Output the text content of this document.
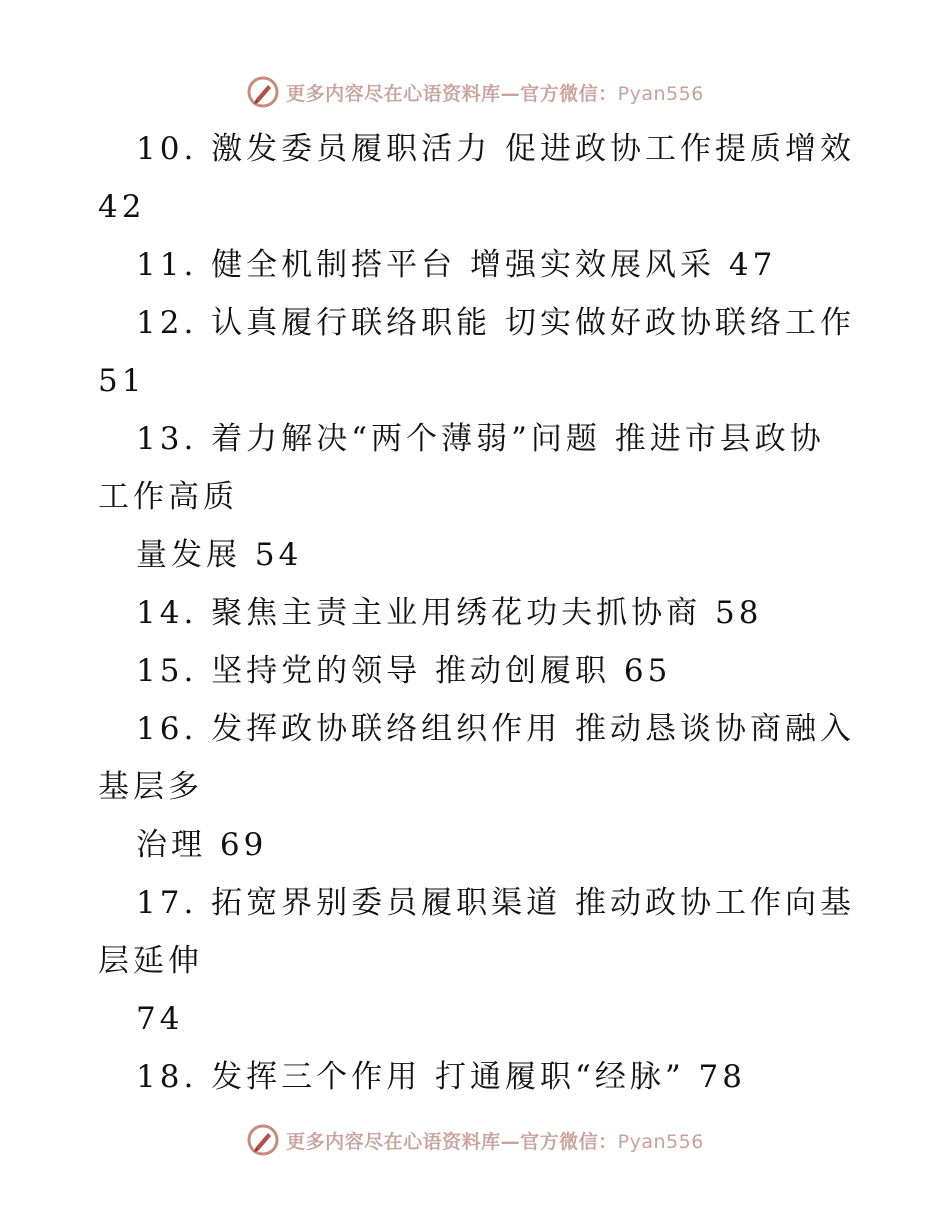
更多内容尽在心语资料库—官方微信：Pyan556
10. 激发委员履职活力 促进政协工作提质增效
42
11. 健全机制搭平台 增强实效展风采 47
12. 认真履行联络职能 切实做好政协联络工作
51
13. 着力解决“两个薄弱”问题 推进市县政协
工作高质
量发展 54
14. 聚焦主责主业用绣花功夫抓协商 58
15. 坚持党的领导 推动创履职 65
16. 发挥政协联络组织作用 推动恳谈协商融入
基层多
治理 69
17. 拓宽界别委员履职渠道 推动政协工作向基
层延伸
74
18. 发挥三个作用 打通履职“经脉” 78
更多内容尽在心语资料库—官方微信：Pyan556
